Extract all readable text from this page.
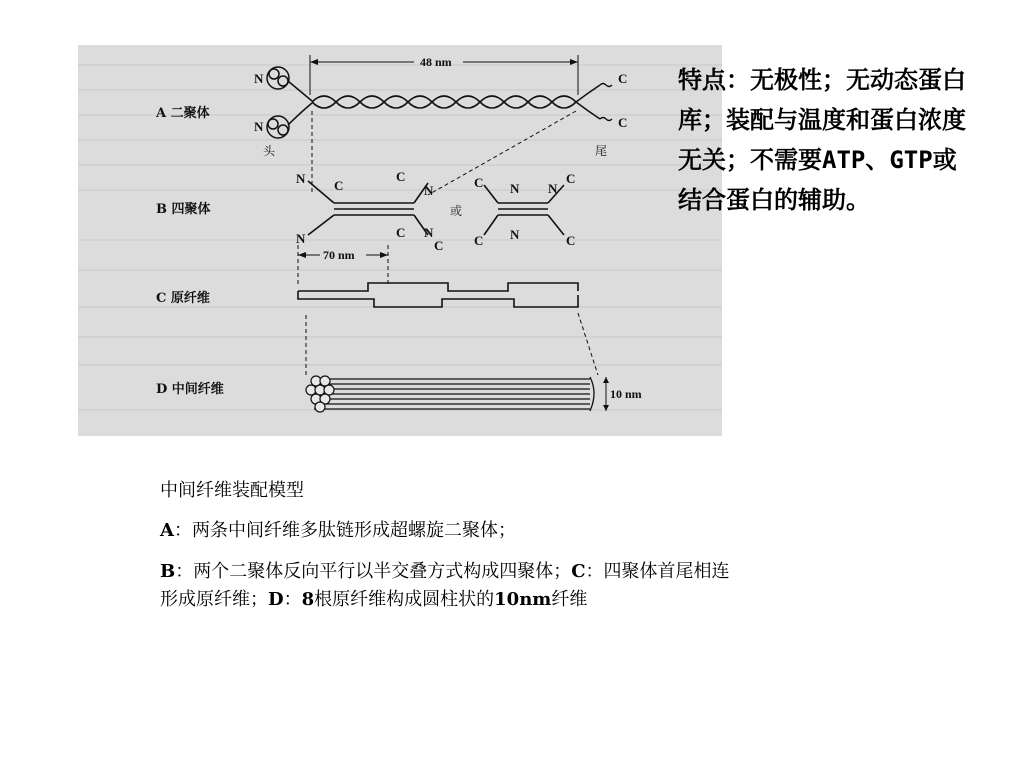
48 nm
A 二聚体
N
N
C
C
头	尾
B 四聚体
N
N
C
C
C
N
N
C
或
C
C
N
N
N
C
C
70 nm
C 原纤维
D 中间纤维	10 nm
特点：无极性；无动态蛋白库；装配与温度和蛋白浓度无关；不需要ATP、GTP或结合蛋白的辅助。
中间纤维装配模型
A：两条中间纤维多肽链形成超螺旋二聚体；
B：两个二聚体反向平行以半交叠方式构成四聚体；C：四聚体首尾相连形成原纤维；D：8根原纤维构成圆柱状的10nm纤维
